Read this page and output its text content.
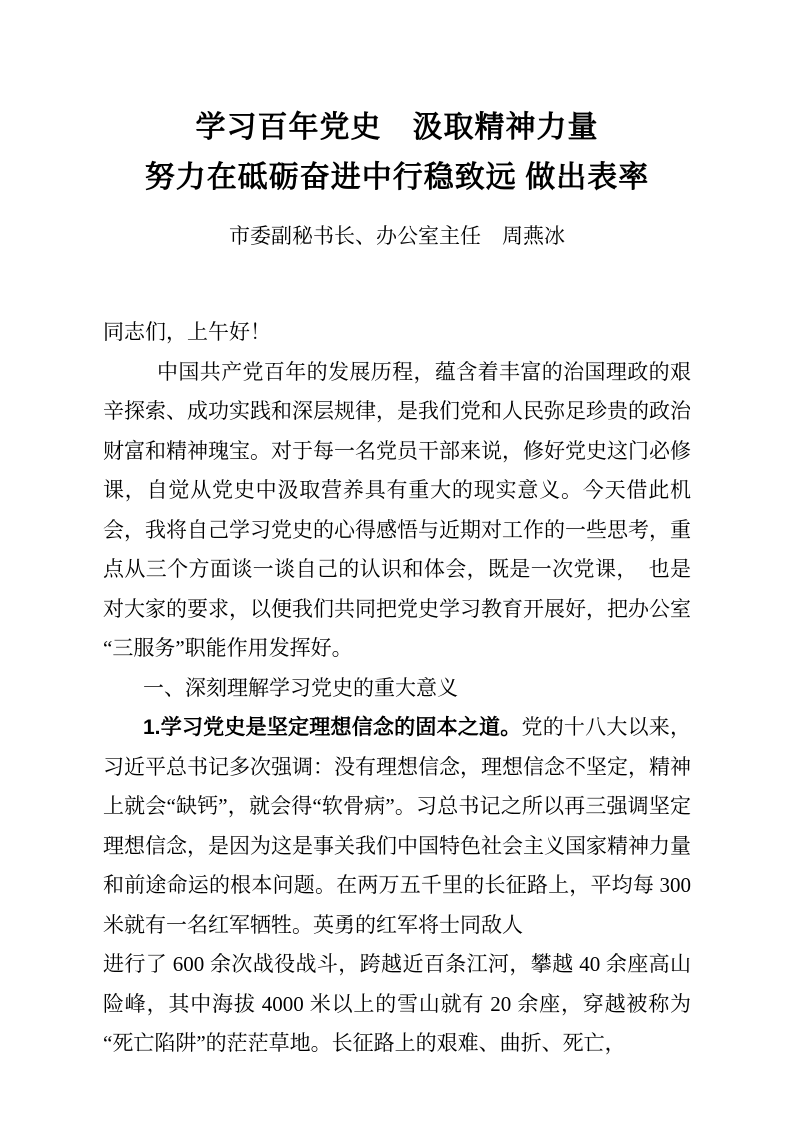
学习百年党史　汲取精神力量
努力在砥砺奋进中行稳致远 做出表率
市委副秘书长、办公室主任　周燕冰

同志们，上午好！

中国共产党百年的发展历程，蕴含着丰富的治国理政的艰辛探索、成功实践和深层规律，是我们党和人民弥足珍贵的政治财富和精神瑰宝。对于每一名党员干部来说，修好党史这门必修课，自觉从党史中汲取营养具有重大的现实意义。今天借此机会，我将自己学习党史的心得感悟与近期对工作的一些思考，重点从三个方面谈一谈自己的认识和体会，既是一次党课，　也是对大家的要求，以便我们共同把党史学习教育开展好，把办公室“三服务”职能作用发挥好。

一、深刻理解学习党史的重大意义

1.学习党史是坚定理想信念的固本之道。党的十八大以来，习近平总书记多次强调：没有理想信念，理想信念不坚定，精神上就会“缺钙”，就会得“软骨病”。习总书记之所以再三强调坚定理想信念，是因为这是事关我们中国特色社会主义国家精神力量和前途命运的根本问题。在两万五千里的长征路上，平均每 300 米就有一名红军牺牲。英勇的红军将士同敌人
进行了 600 余次战役战斗，跨越近百条江河，攀越 40 余座高山险峰，其中海拔 4000 米以上的雪山就有 20 余座，穿越被称为“死亡陷阱”的茫茫草地。长征路上的艰难、曲折、死亡，
